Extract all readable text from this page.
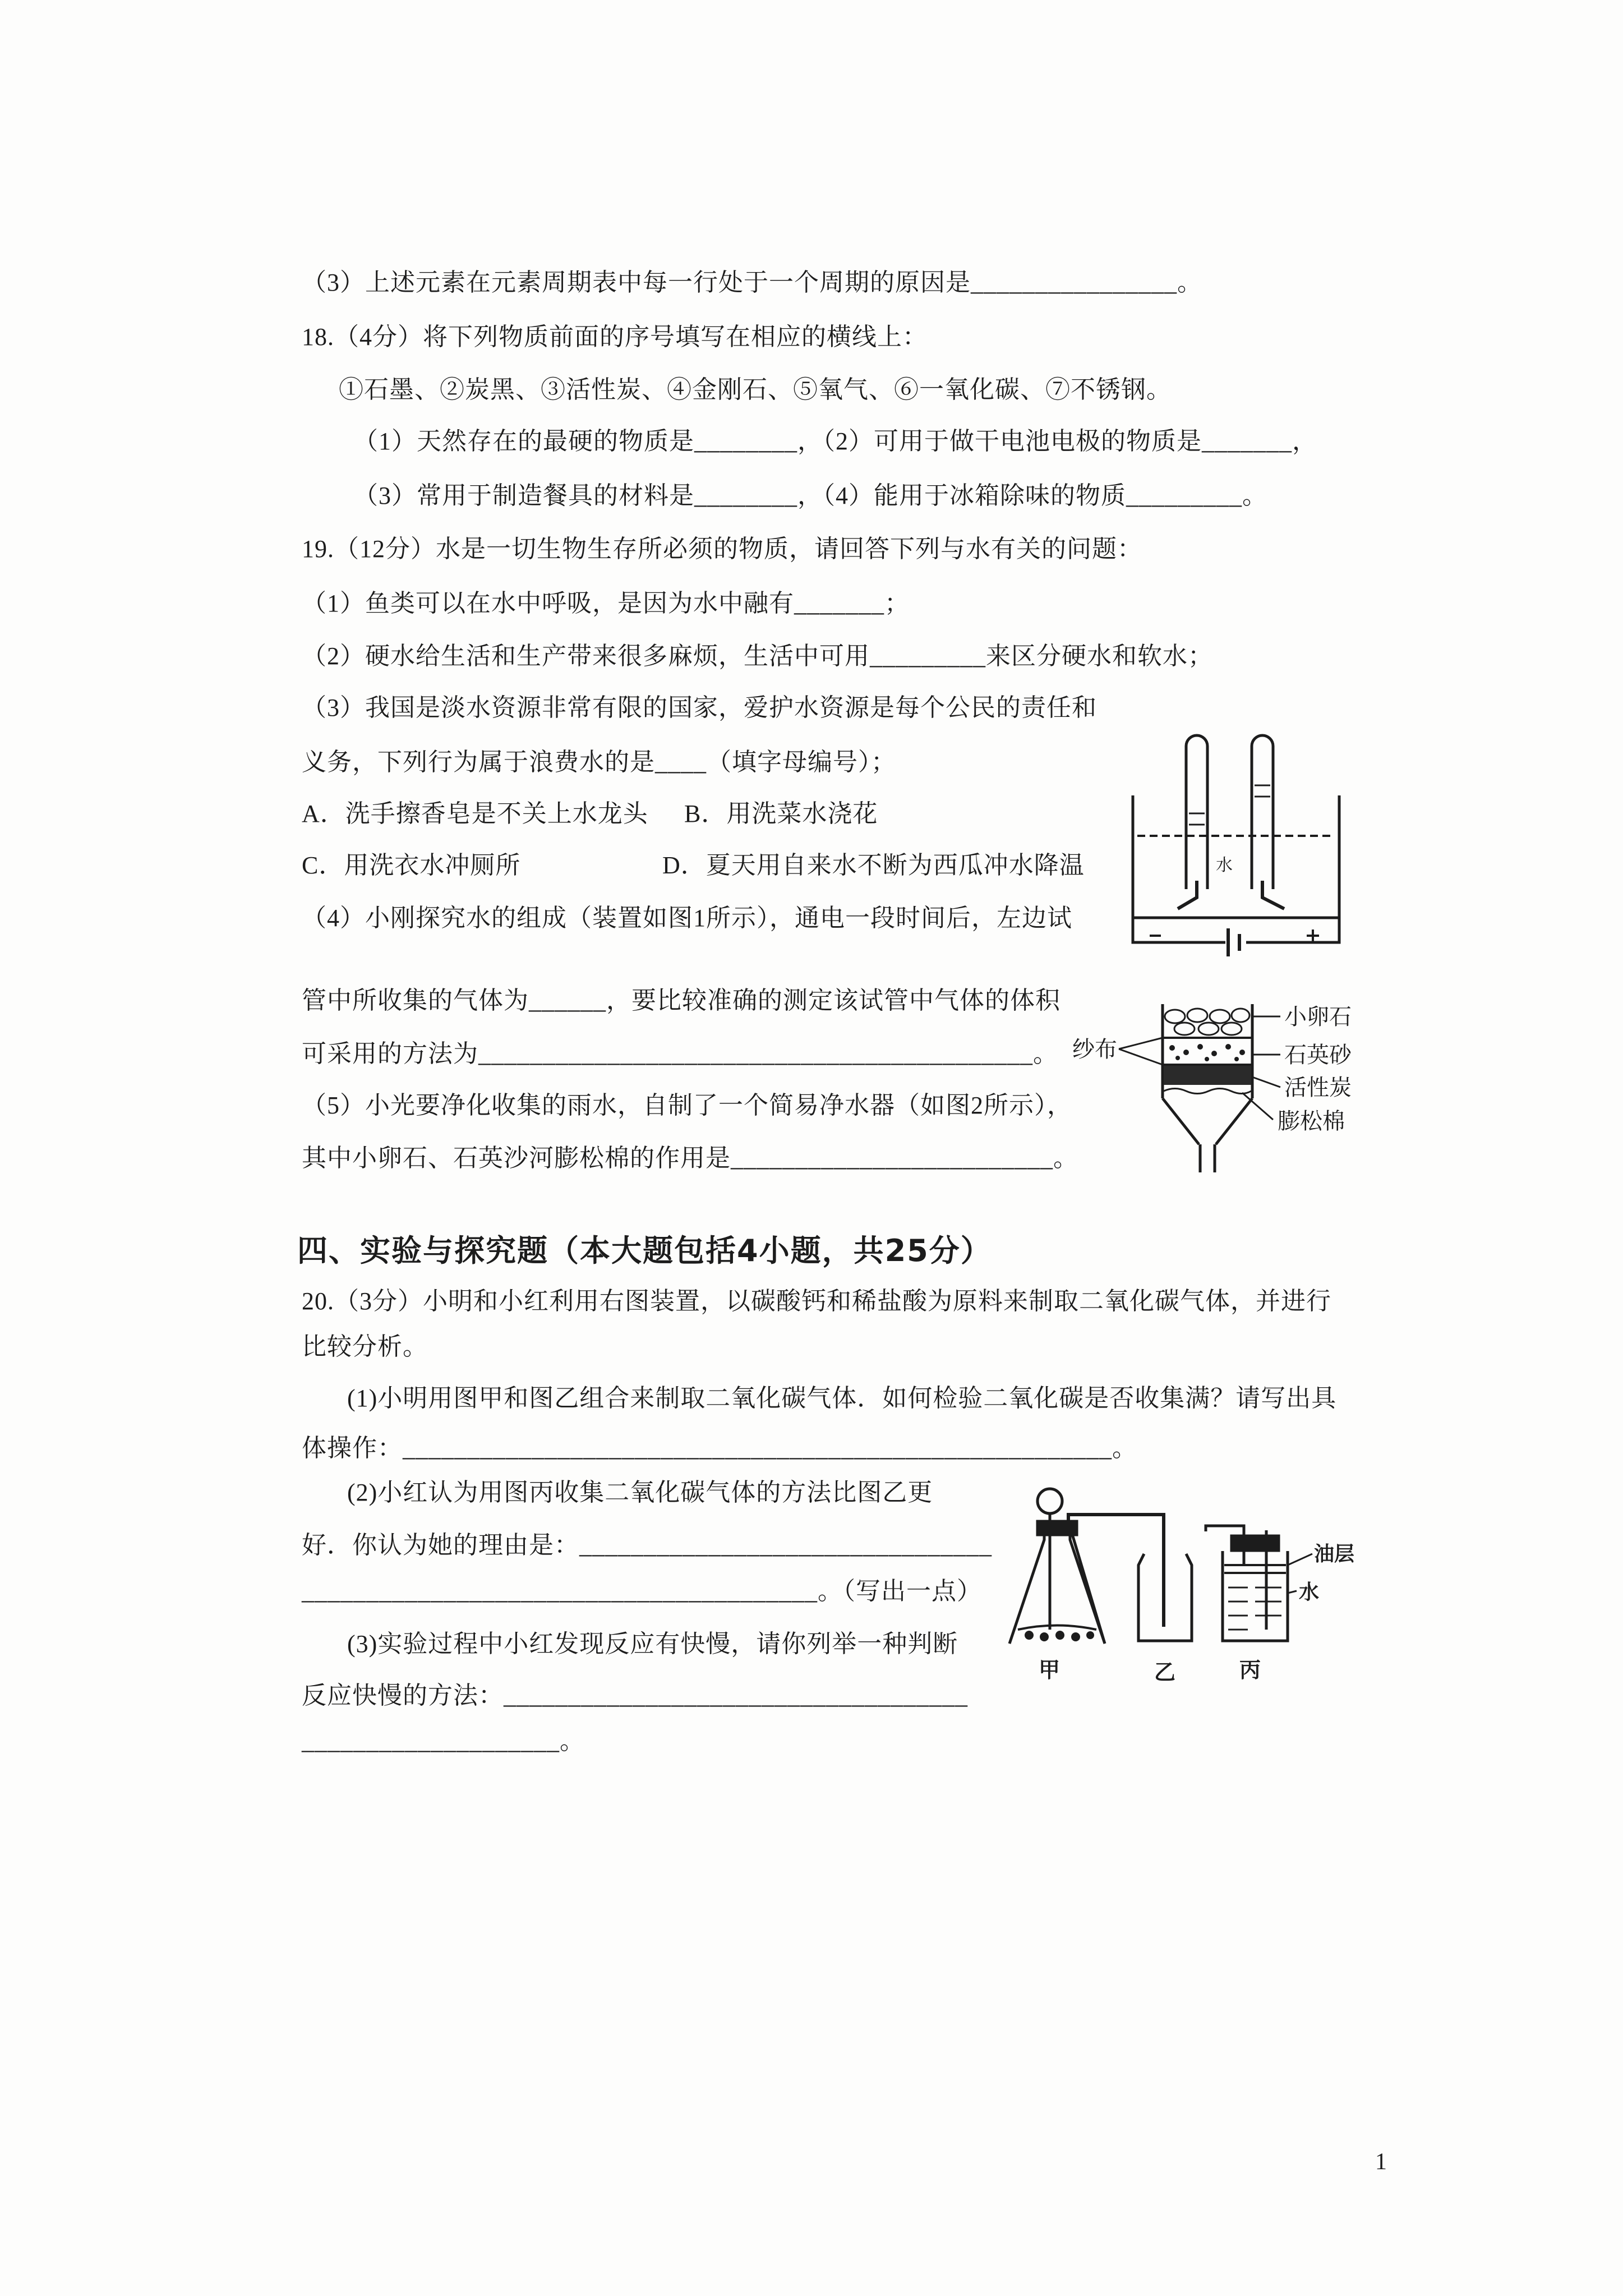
（3）上述元素在元素周期表中每一行处于一个周期的原因是________________。
18.（4分）将下列物质前面的序号填写在相应的横线上：
①石墨、②炭黑、③活性炭、④金刚石、⑤氧气、⑥一氧化碳、⑦不锈钢。
（1）天然存在的最硬的物质是________，（2）可用于做干电池电极的物质是_______，
（3）常用于制造餐具的材料是________，（4）能用于冰箱除味的物质_________。
19.（12分）水是一切生物生存所必须的物质，请回答下列与水有关的问题：
（1）鱼类可以在水中呼吸，是因为水中融有_______；
（2）硬水给生活和生产带来很多麻烦，生活中可用_________来区分硬水和软水；
（3）我国是淡水资源非常有限的国家，爱护水资源是每个公民的责任和
义务，下列行为属于浪费水的是____（填字母编号）；
A．洗手擦香皂是不关上水龙头 B．用洗菜水浇花
C．用洗衣水冲厕所	D．夏天用自来水不断为西瓜冲水降温
（4）小刚探究水的组成（装置如图1所示），通电一段时间后，左边试
管中所收集的气体为______，要比较准确的测定该试管中气体的体积
可采用的方法为___________________________________________。
（5）小光要净化收集的雨水，自制了一个简易净水器（如图2所示），
其中小卵石、石英沙河膨松棉的作用是_________________________。
四、实验与探究题（本大题包括4小题，共25分）
20.（3分）小明和小红利用右图装置，以碳酸钙和稀盐酸为原料来制取二氧化碳气体，并进行
比较分析。
(1)小明用图甲和图乙组合来制取二氧化碳气体．如何检验二氧化碳是否收集满？请写出具
体操作：_______________________________________________________。
(2)小红认为用图丙收集二氧化碳气体的方法比图乙更
好．你认为她的理由是：________________________________
________________________________________。（写出一点）
(3)实验过程中小红发现反应有快慢，请你列举一种判断
反应快慢的方法：____________________________________
____________________。
1
水
小卵石
石英砂
活性炭
膨松棉
纱布
甲	乙	丙
油层
水
